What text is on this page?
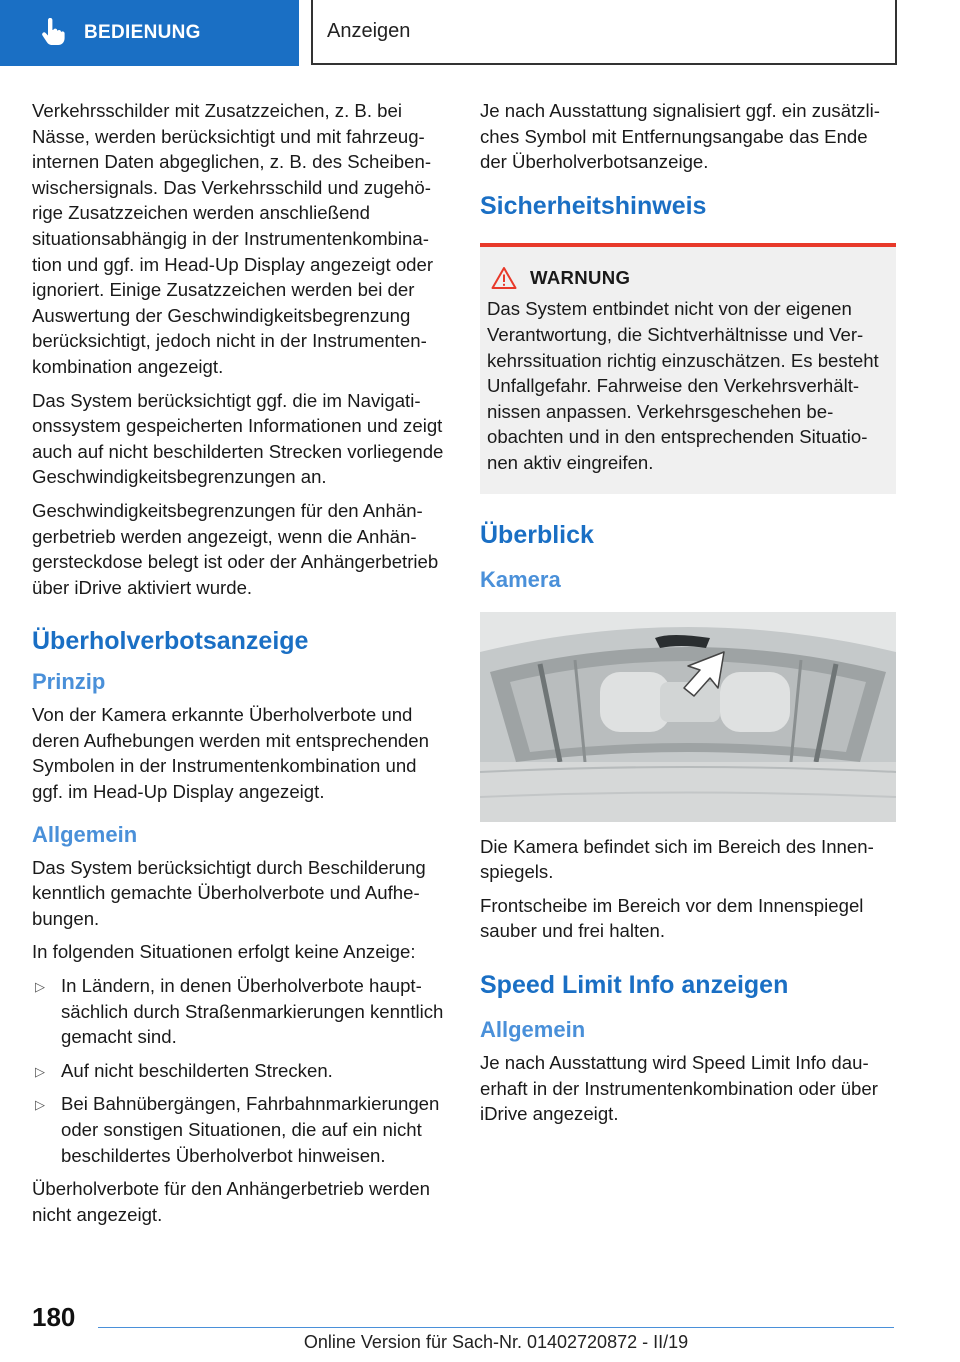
BEDIENUNG	Anzeigen

Verkehrsschilder mit Zusatzzeichen, z. B. bei Nässe, werden berücksichtigt und mit fahrzeuginternen Daten abgeglichen, z. B. des Scheibenwischersignals. Das Verkehrsschild und zugehörige Zusatzzeichen werden anschließend situationsabhängig in der Instrumentenkombination und ggf. im Head-Up Display angezeigt oder ignoriert. Einige Zusatzzeichen werden bei der Auswertung der Geschwindigkeitsbegrenzung berücksichtigt, jedoch nicht in der Instrumentenkombination angezeigt.

Das System berücksichtigt ggf. die im Navigationssystem gespeicherten Informationen und zeigt auch auf nicht beschilderten Strecken vorliegende Geschwindigkeitsbegrenzungen an.

Geschwindigkeitsbegrenzungen für den Anhängerbetrieb werden angezeigt, wenn die Anhängersteckdose belegt ist oder der Anhängerbetrieb über iDrive aktiviert wurde.

Überholverbotsanzeige
Prinzip

Von der Kamera erkannte Überholverbote und deren Aufhebungen werden mit entsprechenden Symbolen in der Instrumentenkombination und ggf. im Head-Up Display angezeigt.

Allgemein

Das System berücksichtigt durch Beschilderung kenntlich gemachte Überholverbote und Aufhebungen.

In folgenden Situationen erfolgt keine Anzeige:

▷ In Ländern, in denen Überholverbote hauptsächlich durch Straßenmarkierungen kenntlich gemacht sind.
▷ Auf nicht beschilderten Strecken.
▷ Bei Bahnübergängen, Fahrbahnmarkierungen oder sonstigen Situationen, die auf ein nicht beschildertes Überholverbot hinweisen.

Überholverbote für den Anhängerbetrieb werden nicht angezeigt.

Je nach Ausstattung signalisiert ggf. ein zusätzliches Symbol mit Entfernungsangabe das Ende der Überholverbotsanzeige.

Sicherheitshinweis
WARNUNG

Das System entbindet nicht von der eigenen Verantwortung, die Sichtverhältnisse und Verkehrssituation richtig einzuschätzen. Es besteht Unfallgefahr. Fahrweise den Verkehrsverhältnissen anpassen. Verkehrsgeschehen beobachten und in den entsprechenden Situationen aktiv eingreifen.

Überblick
Kamera

Die Kamera befindet sich im Bereich des Innenspiegels.

Frontscheibe im Bereich vor dem Innenspiegel sauber und frei halten.

Speed Limit Info anzeigen
Allgemein

Je nach Ausstattung wird Speed Limit Info dauerhaft in der Instrumentenkombination oder über iDrive angezeigt.

180
Online Version für Sach-Nr. 01402720872 - II/19
